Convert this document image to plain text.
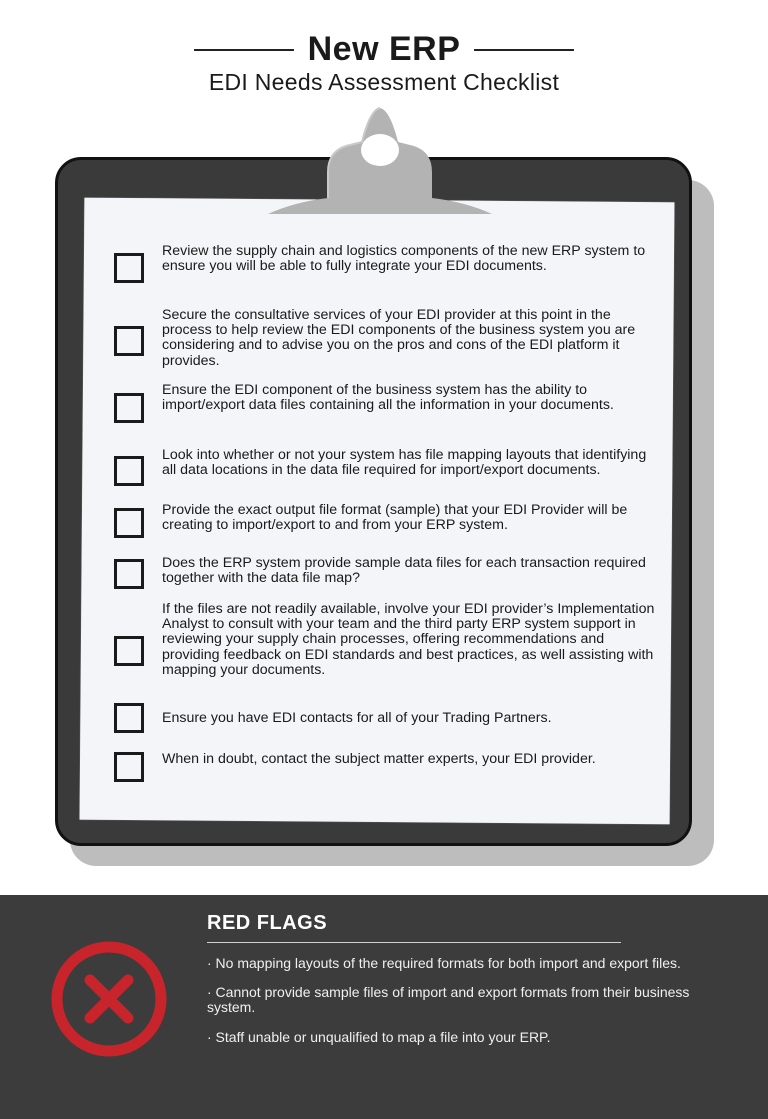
New ERP
EDI Needs Assessment Checklist
Review the supply chain and logistics components of the new ERP system to ensure you will be able to fully integrate your EDI documents.
Secure the consultative services of your EDI provider at this point in the process to help review the EDI components of the business system you are considering and to advise you on the pros and cons of the EDI platform it provides.
Ensure the EDI component of the business system has the ability to import/export data files containing all the information in your documents.
Look into whether or not your system has file mapping layouts that identifying all data locations in the data file required for import/export documents.
Provide the exact output file format (sample) that your EDI Provider will be creating to import/export to and from your ERP system.
Does the ERP system provide sample data files for each transaction required together with the data file map?
If the files are not readily available, involve your EDI provider’s Implementation Analyst to consult with your team and the third party ERP system support in reviewing your supply chain processes, offering recommendations and providing feedback on EDI standards and best practices, as well assisting with mapping your documents.
Ensure you have EDI contacts for all of your Trading Partners.
When in doubt, contact the subject matter experts, your EDI provider.
RED FLAGS
· No mapping layouts of the required formats for both import and export files.
· Cannot provide sample files of import and export formats from their business system.
· Staff unable or unqualified to map a file into your ERP.
